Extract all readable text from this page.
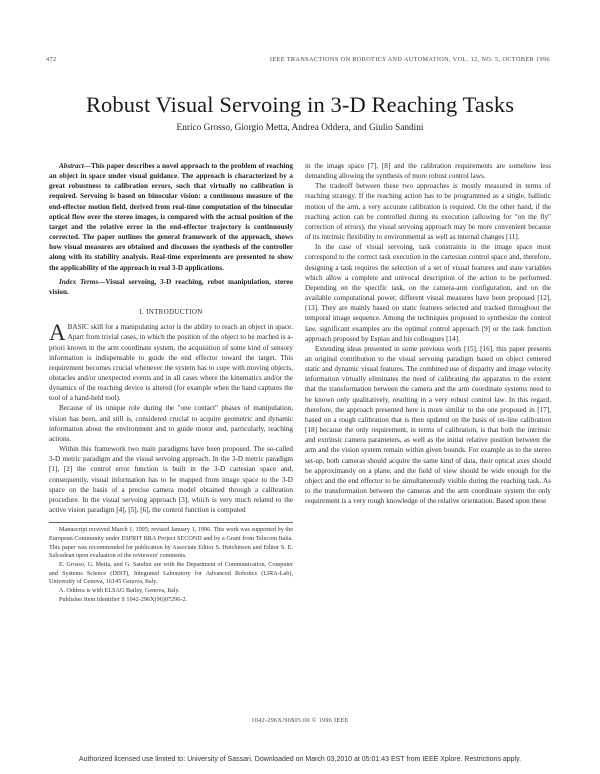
472	IEEE TRANSACTIONS ON ROBOTICS AND AUTOMATION, VOL. 12, NO. 5, OCTOBER 1996
Robust Visual Servoing in 3-D Reaching Tasks
Enrico Grosso, Giorgio Metta, Andrea Oddera, and Giulio Sandini

Abstract—This paper describes a novel approach to the problem of reaching an object in space under visual guidance. The approach is characterized by a great robustness to calibration errors, such that virtually no calibration is required. Servoing is based on binocular vision: a continuous measure of the end-effector motion field, derived from real-time computation of the binocular optical flow over the stereo images, is compared with the actual position of the target and the relative error in the end-effector trajectory is continuously corrected. The paper outlines the general framework of the approach, shows how visual measures are obtained and discusses the synthesis of the controller along with its stability analysis. Real-time experiments are presented to show the applicability of the approach in real 3-D applications.

Index Terms—Visual servoing, 3-D reaching, robot manipulation, stereo vision.

I. INTRODUCTION

ABASIC skill for a manipulating actor is the ability to reach an object in space. Apart from trivial cases, in which the position of the object to be reached is a-priori known in the arm coordinate system, the acquisition of some kind of sensory information is indispensable to guide the end effector toward the target. This requirement becomes crucial whenever the system has to cope with moving objects, obstacles and/or unexpected events and in all cases where the kinematics and/or the dynamics of the reaching device is altered (for example when the hand captures the tool of a hand-held tool).

Because of its unique role during the "one contact" phases of manipulation, vision has been, and still is, considered crucial to acquire geometric and dynamic information about the environment and to guide motor and, particularly, reaching actions.

Within this framework two main paradigms have been proposed. The so-called 3-D metric paradigm and the visual servoing approach. In the 3-D metric paradigm [1], [2] the control error function is built in the 3-D cartesian space and, consequently, visual information has to be mapped from image space to the 3-D space on the basis of a precise camera model obtained through a calibration procedure. In the visual servoing approach [3], which is very much related to the active vision paradigm [4], [5], [6], the control function is computed

Manuscript received March 1, 1995; revised January 1, 1996. This work was supported by the European Community under ESPRIT BRA Project SECOND and by a Grant from Telecom Italia. This paper was recommended for publication by Associate Editor S. Hutchinson and Editor S. E. Salcudean upon evaluation of the reviewers' comments.

E. Grosso, G. Metta, and G. Sandini are with the Department of Communication, Computer and Systems Science (DIST), Integrated Laboratory for Advanced Robotics (LIRA-Lab), University of Genova, 16145 Genova, Italy.

A. Oddera is with ELSAG Bailey, Genova, Italy.

Publisher Item Identifier S 1042-296X(96)07296-2.

in the image space [7], [8] and the calibration requirements are somehow less demanding allowing the synthesis of more robust control laws.

The tradeoff between these two approaches is mostly measured in terms of reaching strategy. If the reaching action has to be programmed as a single, ballistic motion of the arm, a very accurate calibration is required. On the other hand, if the reaching action can be controlled during its execution (allowing for "on the fly" correction of errors), the visual servoing approach may be more convenient because of its intrinsic flexibility to environmental as well as internal changes [11].

In the case of visual servoing, task constraints in the image space must correspond to the correct task execution in the cartesian control space and, therefore, designing a task requires the selection of a set of visual features and state variables which allow a complete and univocal description of the action to be performed. Depending on the specific task, on the camera-arm configuration, and on the available computational power, different visual measures have been proposed [12], [13]. They are mainly based on static features selected and tracked throughout the temporal image sequence. Among the techniques proposed to synthesize the control law, significant examples are the optimal control approach [9] or the task function approach proposed by Espiau and his colleagues [14].

Extending ideas presented in some previous work [15], [16], this paper presents an original contribution to the visual servoing paradigm based on object centered static and dynamic visual features. The combined use of disparity and image velocity information virtually eliminates the need of calibrating the apparatus to the extent that the transformation between the camera and the arm coordinate systems need to be known only qualitatively, resulting in a very robust control law. In this regard, therefore, the approach presented here is more similar to the one proposed in [17], based on a rough calibration that is then updated on the basis of on-line calibration [18] because the only requirement, in terms of calibration, is that both the intrinsic and extrinsic camera parameters, as well as the initial relative position between the arm and the vision system remain within given bounds. For example as to the stereo set-up, both cameras should acquire the same kind of data, their optical axes should be approximately on a plane, and the field of view should be wide enough for the object and the end effector to be simultaneously visible during the reaching task. As to the transformation between the cameras and the arm coordinate system the only requirement is a very rough knowledge of the relative orientation. Based upon these

1042-296X/96$05.00 © 1996 IEEE
Authorized licensed use limited to: University of Sassari. Downloaded on March 03,2010 at 05:01:43 EST from IEEE Xplore. Restrictions apply.
